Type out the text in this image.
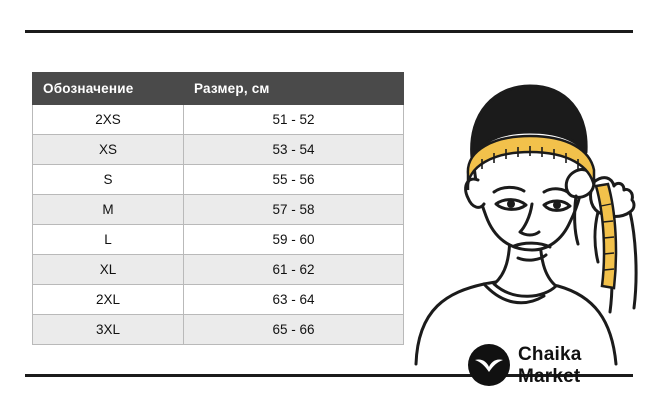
Обозначение	Размер, см
2XS	51 - 52
XS	53 - 54
S	55 - 56
M	57 - 58
L	59 - 60
XL	61 - 62
2XL	63 - 64
3XL	65 - 66
Chaika
Market
